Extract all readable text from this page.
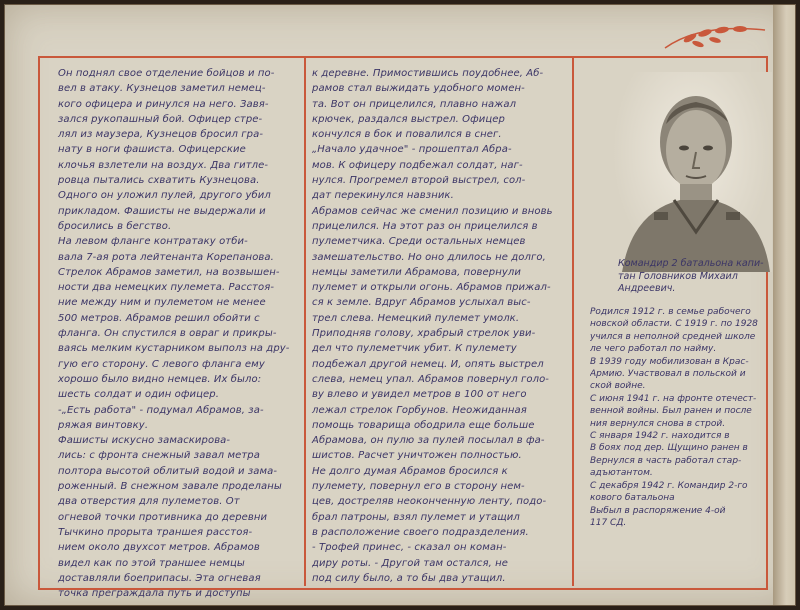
Он поднял свое отделение бойцов и по-

вел в атаку. Кузнецов заметил немец-

кого офицера и ринулся на него. Завя-

зался рукопашный бой. Офицер стре-

лял из маузера, Кузнецов бросил гра-

нату в ноги фашиста. Офицерские

клочья взлетели на воздух. Два гитле-

ровца пытались схватить Кузнецова.

Одного он уложил пулей, другого убил

прикладом. Фашисты не выдержали и

бросились в бегство.

На левом фланге контратаку отби-

вала 7-ая рота лейтенанта Корепанова.

Стрелок Абрамов заметил, на возвышен-

ности два немецких пулемета. Расстоя-

ние между ним и пулеметом не менее

500 метров. Абрамов решил обойти с

фланга. Он спустился в овраг и прикры-

ваясь мелким кустарником выполз на дру-

гую его сторону. С левого фланга ему

хорошо было видно немцев. Их было:

шесть солдат и один офицер.

-„Есть работа" - подумал Абрамов, за-

ряжая винтовку.

Фашисты искусно замаскирова-

лись: с фронта снежный завал метра

полтора высотой облитый водой и зама-

роженный. В снежном завале проделаны

два отверстия для пулеметов. От

огневой точки противника до деревни

Тычкино прорыта траншея расстоя-

нием около двухсот метров. Абрамов

видел как по этой траншее немцы

доставляли боеприпасы. Эта огневая

точка преграждала путь и доступы

к деревне. Примостившись поудобнее, Аб-

рамов стал выжидать удобного момен-

та. Вот он прицелился, плавно нажал

крючек, раздался выстрел. Офицер

кончулся в бок и повалился в снег.

„Начало удачное" - прошептал Абра-

мов. К офицеру подбежал солдат, наг-

нулся. Прогремел второй выстрел, сол-

дат перекинулся навзник.

Абрамов сейчас же сменил позицию и вновь

прицелился. На этот раз он прицелился в

пулеметчика. Среди остальных немцев

замешательство. Но оно длилось не долго,

немцы заметили Абрамова, повернули

пулемет и открыли огонь. Абрамов прижал-

ся к земле. Вдруг Абрамов услыхал выс-

трел слева. Немецкий пулемет умолк.

Приподняв голову, храбрый стрелок уви-

дел что пулеметчик убит. К пулемету

подбежал другой немец. И, опять выстрел

слева, немец упал. Абрамов повернул голо-

ву влево и увидел метров в 100 от него

лежал стрелок Горбунов. Неожиданная

помощь товарища ободрила еще больше

Абрамова, он пулю за пулей посылал в фа-

шистов. Расчет уничтожен полностью.

Не долго думая Абрамов бросился к

пулемету, повернул его в сторону нем-

цев, достреляв неоконченную ленту, подо-

брал патроны, взял пулемет и утащил

в расположение своего подразделения.

- Трофей принес, - сказал он коман-

диру роты. - Другой там остался, не

под силу было, а то бы два утащил.

Командир 2 батальона капи-

тан Головников Михаил

Андреевич.

Родился 1912 г. в семье рабочего

новской области. С 1919 г. по 1928

учился в неполной средней школе

ле чего работал по найму.

В 1939 году мобилизован в Крас-

Армию. Участвовал в польской и

ской войне.

С июня 1941 г. на фронте отечест-

венной войны. Был ранен и после

ния вернулся снова в строй.

С января 1942 г. находится в

В боях под дер. Щущино ранен в

Вернулся в часть работал стар-

адъютантом.

С декабря 1942 г. Командир 2-го

кового батальона

Выбыл в распоряжение 4-ой

117 СД.
